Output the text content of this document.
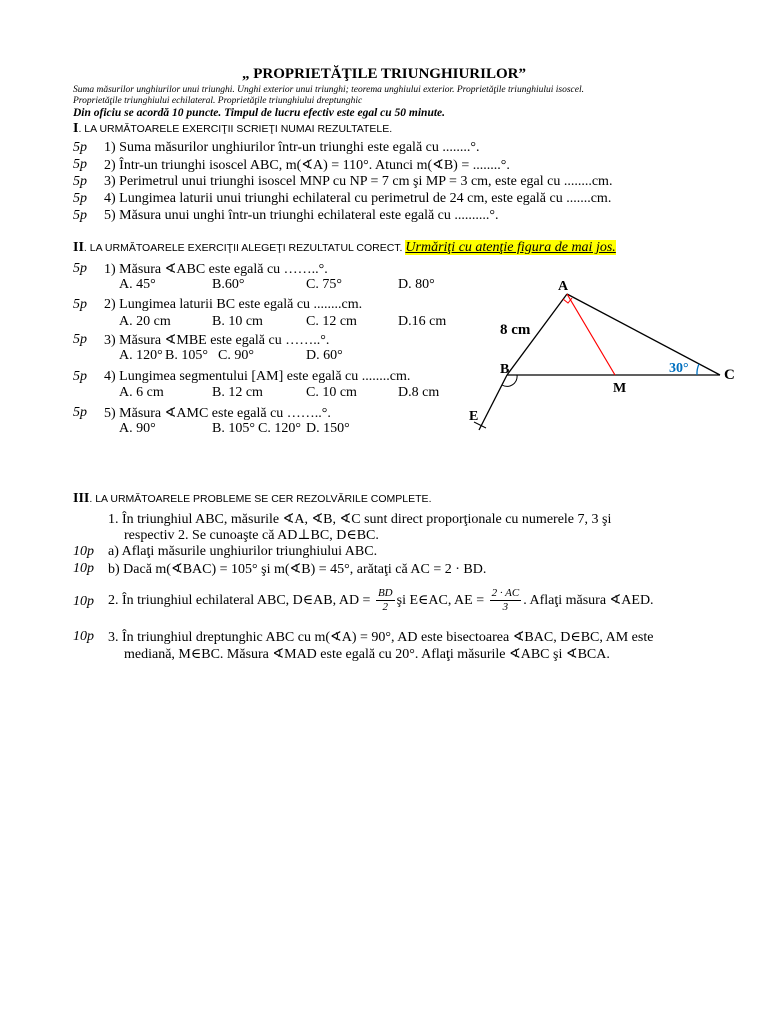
„ PROPRIETĂŢILE TRIUNGHIURILOR”
Suma măsurilor unghiurilor unui triunghi. Unghi exterior unui triunghi; teorema unghiului exterior. Proprietăţile triunghiului isoscel.
Proprietăţile triunghiului echilateral. Proprietăţile triunghiului dreptunghic
Din oficiu se acordă 10 puncte. Timpul de lucru efectiv este egal cu 50 minute.
I. LA URMĂTOARELE EXERCIŢII SCRIEŢI NUMAI REZULTATELE.
5p 1) Suma măsurilor unghiurilor într-un triunghi este egală cu ........°.
5p 2) Într-un triunghi isoscel ABC, m(∢A) = 110°. Atunci m(∢B) = ........°.
5p 3) Perimetrul unui triunghi isoscel MNP cu NP = 7 cm şi MP = 3 cm, este egal cu ........cm.
5p 4) Lungimea laturii unui triunghi echilateral cu perimetrul de 24 cm, este egală cu .......cm.
5p 5) Măsura unui unghi într-un triunghi echilateral este egală cu ..........°.
II. LA URMĂTOARELE EXERCIŢII ALEGEŢI REZULTATUL CORECT. Urmăriţi cu atenţie figura de mai jos.
5p 1) Măsura ∢ABC este egală cu ……..°.
A. 45°	B.60°	C. 75°	D. 80°
5p 2) Lungimea laturii BC este egală cu ........cm.
A. 20 cm	B. 10 cm	C. 12 cm	D.16 cm
5p 3) Măsura ∢MBE este egală cu ……..°.
A. 120° B. 105° C. 90°	D. 60°
5p 4) Lungimea segmentului [AM] este egală cu ........cm.
A. 6 cm	B. 12 cm	C. 10 cm	D.8 cm
5p 5) Măsura ∢AMC este egală cu ……..°.
A. 90°	B. 105° C. 120° D. 150°
A
8 cm
B	C
M
E
30°
III. LA URMĂTOARELE PROBLEME SE CER REZOLVĂRILE COMPLETE.
1. În triunghiul ABC, măsurile ∢A, ∢B, ∢C sunt direct proporţionale cu numerele 7, 3 şi
respectiv 2. Se cunoaşte că AD⊥BC, D∈BC.
10p a) Aflaţi măsurile unghiurilor triunghiului ABC.
10p b) Dacă m(∢BAC) = 105° şi m(∢B) = 45°, arătaţi că AC = 2 · BD.
10p 2. În triunghiul echilateral ABC, D∈AB, AD = $\frac{BD}{2}$ şi E∈AC, AE = $\frac{2 \cdot AC}{3}$ . Aflaţi măsura ∢AED.
10p 3. În triunghiul dreptunghic ABC cu m(∢A) = 90°, AD este bisectoarea ∢BAC, D∈BC, AM este
mediană, M∈BC. Măsura ∢MAD este egală cu 20°. Aflaţi măsurile ∢ABC şi ∢BCA.
